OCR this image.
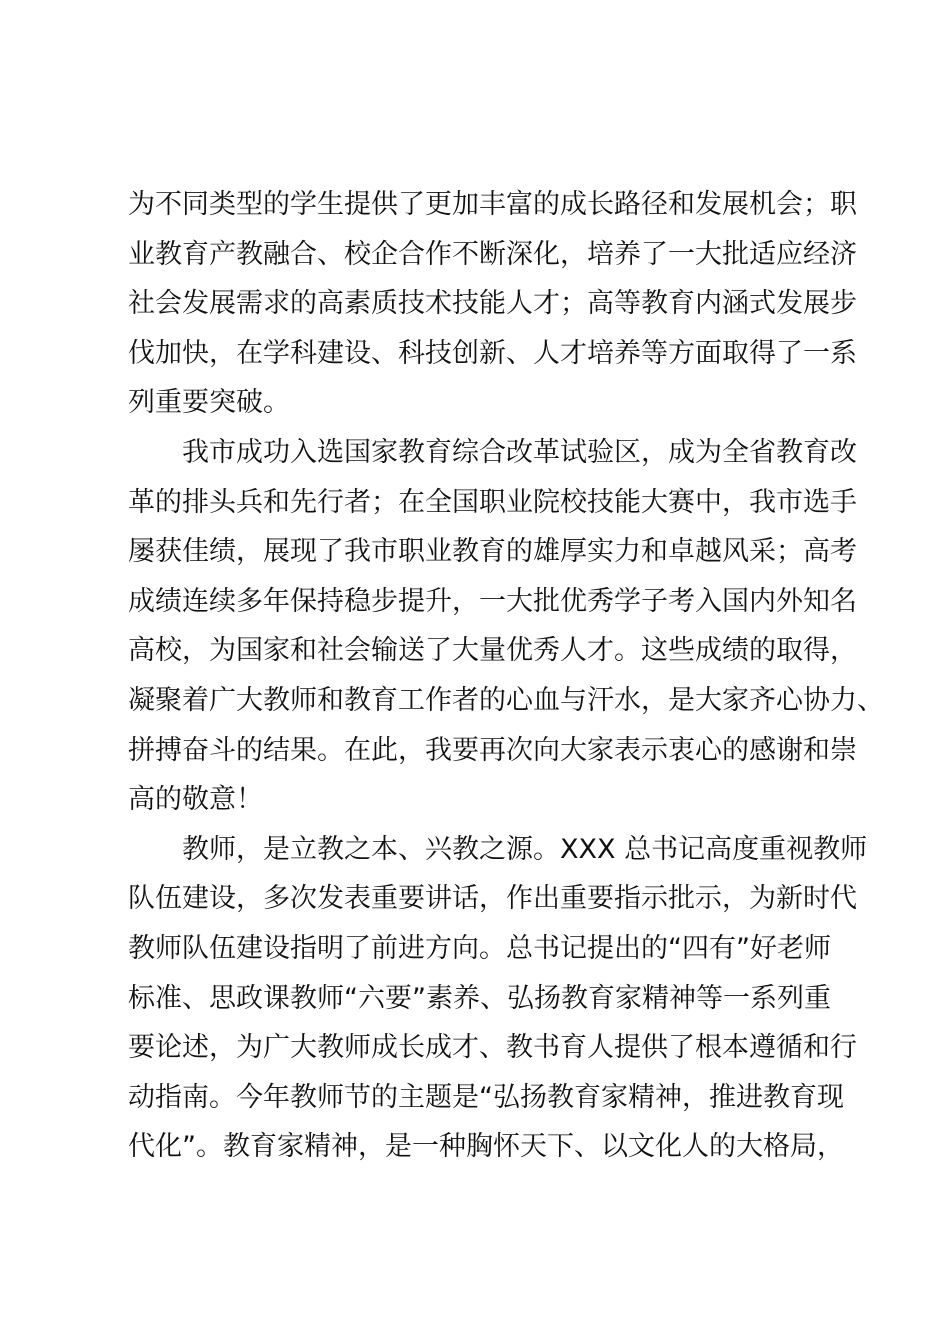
为不同类型的学生提供了更加丰富的成长路径和发展机会；职
业教育产教融合、校企合作不断深化，培养了一大批适应经济
社会发展需求的高素质技术技能人才；高等教育内涵式发展步
伐加快，在学科建设、科技创新、人才培养等方面取得了一系
列重要突破。
我市成功入选国家教育综合改革试验区，成为全省教育改
革的排头兵和先行者；在全国职业院校技能大赛中，我市选手
屡获佳绩，展现了我市职业教育的雄厚实力和卓越风采；高考
成绩连续多年保持稳步提升，一大批优秀学子考入国内外知名
高校，为国家和社会输送了大量优秀人才。这些成绩的取得，
凝聚着广大教师和教育工作者的心血与汗水，是大家齐心协力、
拼搏奋斗的结果。在此，我要再次向大家表示衷心的感谢和崇
高的敬意！
教师，是立教之本、兴教之源。XXX 总书记高度重视教师
队伍建设，多次发表重要讲话，作出重要指示批示，为新时代
教师队伍建设指明了前进方向。总书记提出的“四有”好老师
标准、思政课教师“六要”素养、弘扬教育家精神等一系列重
要论述，为广大教师成长成才、教书育人提供了根本遵循和行
动指南。今年教师节的主题是“弘扬教育家精神，推进教育现
代化”。教育家精神，是一种胸怀天下、以文化人的大格局，
